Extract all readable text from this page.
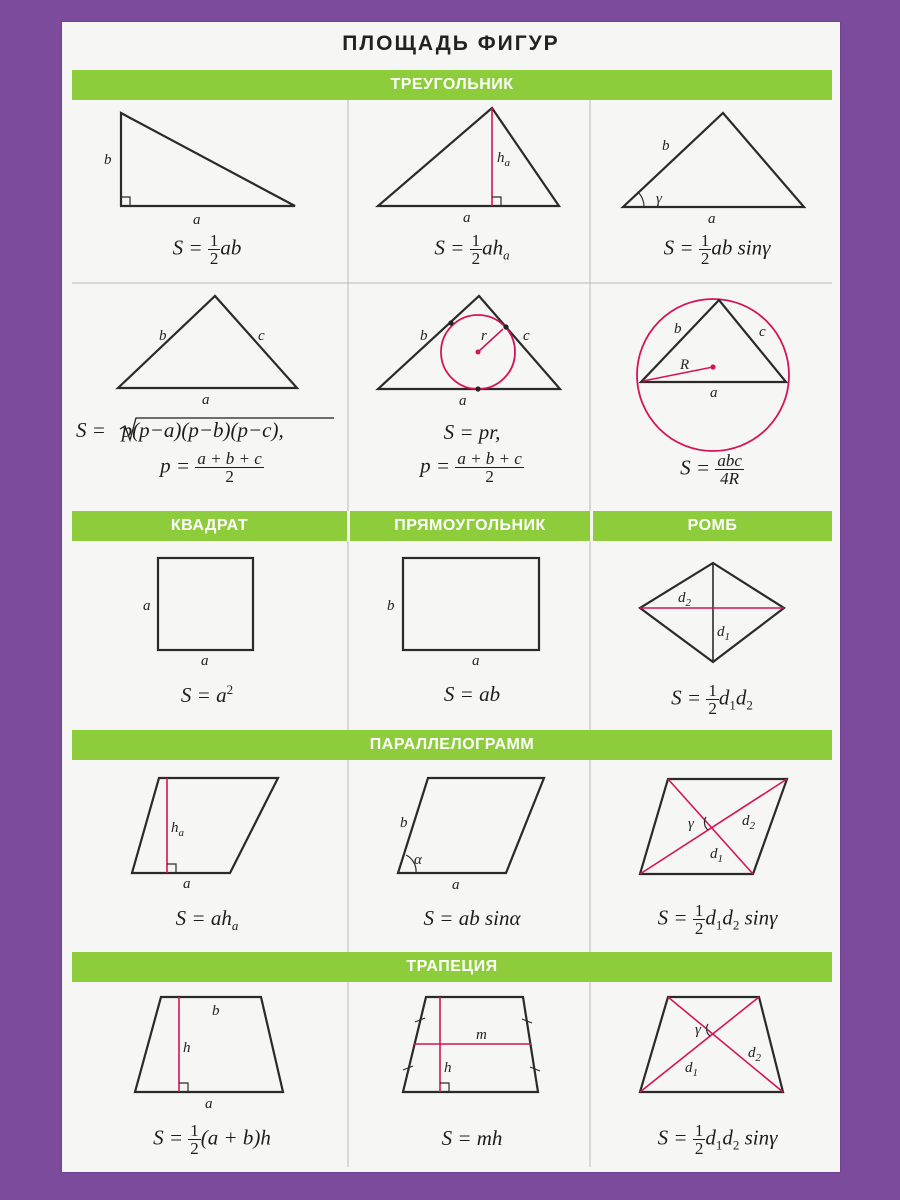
ПЛОЩАДЬ ФИГУР
ТРЕУГОЛЬНИК
КВАДРАТ	ПРЯМОУГОЛЬНИК	РОМБ
ПАРАЛЛЕЛОГРАММ
ТРАПЕЦИЯ
b
a
$h_a$
a
b
γ
a
b	c
a
b	r c
a
b	c
R
a
a
a
b
a
$d_2$
$d_1$
$h_a$
a
b
α
a
γ	$d_2$
$d_1$
b
h
a
m
h
γ
$d_2$
$d_1$
$S = \frac{1}{2}$ ab	$S = \frac{1}{2} ah_a$	$S = \frac{1}{2}$ ab sinγ
S = p(p−a)(p−b)(p−c),
$p = \frac{a + b + c}{2}$
S = pr,
$p = \frac{a + b + c}{2}$	$S = \frac{\text{abc}}{4R}$
$S = a^2$	S = ab	$S = \frac{1}{2} d_1d_2$
$S = ah_a$	S = ab sinα	$S = \frac{1}{2} d_1d_2$ sinγ
$S = \frac{1}{2} (a + b)h$	S = mh	$S = \frac{1}{2} d_1d_2$ sinγ
